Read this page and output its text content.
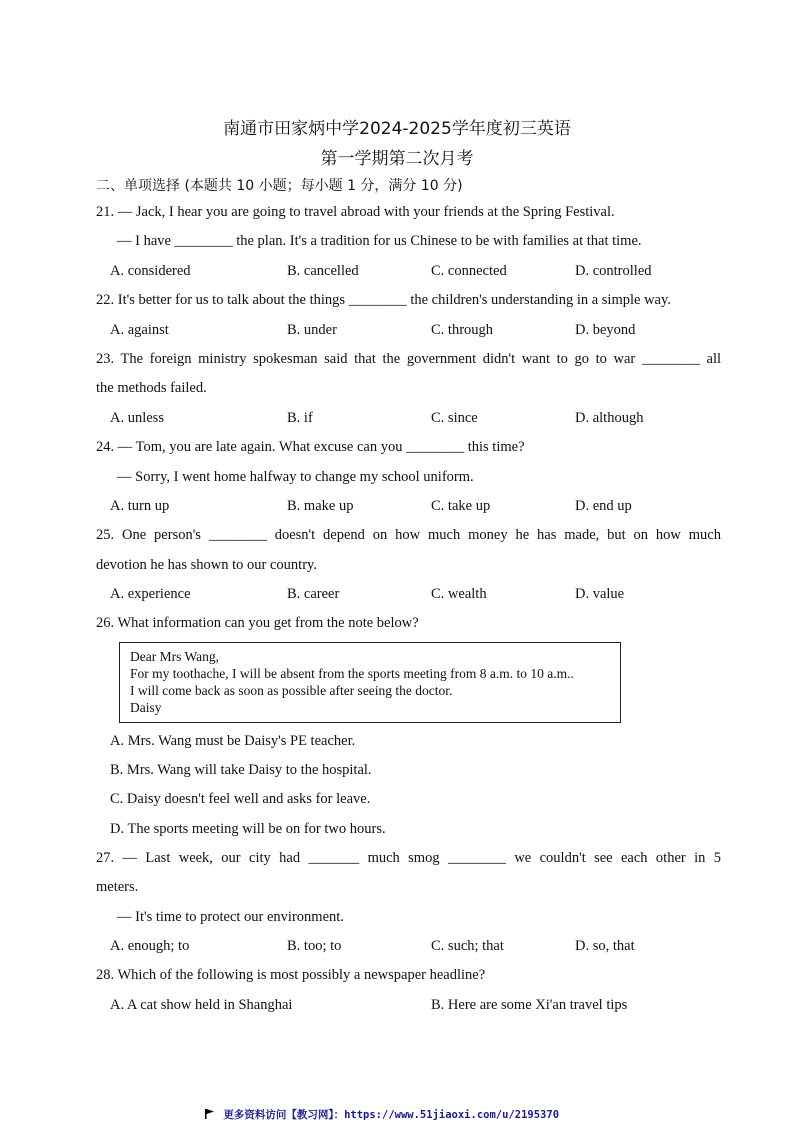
南通市田家炳中学2024-2025学年度初三英语
第一学期第二次月考
二、单项选择 (本题共 10 小题；每小题 1 分，满分 10 分)
21. — Jack, I hear you are going to travel abroad with your friends at the Spring Festival.
— I have ________ the plan. It's a tradition for us Chinese to be with families at that time.
A. considered	B. cancelled	C. connected	D. controlled
22. It's better for us to talk about the things ________ the children's understanding in a simple way.
A. against	B. under	C. through	D. beyond
23. The foreign ministry spokesman said that the government didn't want to go to war ________ all
the methods failed.
A. unless	B. if	C. since	D. although
24. — Tom, you are late again. What excuse can you ________ this time?
— Sorry, I went home halfway to change my school uniform.
A. turn up	B. make up	C. take up	D. end up
25. One person's ________ doesn't depend on how much money he has made, but on how much
devotion he has shown to our country.
A. experience	B. career	C. wealth	D. value
26. What information can you get from the note below?
Dear Mrs Wang,
For my toothache, I will be absent from the sports meeting from 8 a.m. to 10 a.m..
I will come back as soon as possible after seeing the doctor.
Daisy
A. Mrs. Wang must be Daisy's PE teacher.
B. Mrs. Wang will take Daisy to the hospital.
C. Daisy doesn't feel well and asks for leave.
D. The sports meeting will be on for two hours.
27. — Last week, our city had _______ much smog ________ we couldn't see each other in 5
meters.
— It's time to protect our environment.
A. enough; to	B. too; to	C. such; that	D. so, that
28. Which of the following is most possibly a newspaper headline?
A. A cat show held in Shanghai	B. Here are some Xi'an travel tips
更多资料访问【教习网】：https://www.51jiaoxi.com/u/2195370
